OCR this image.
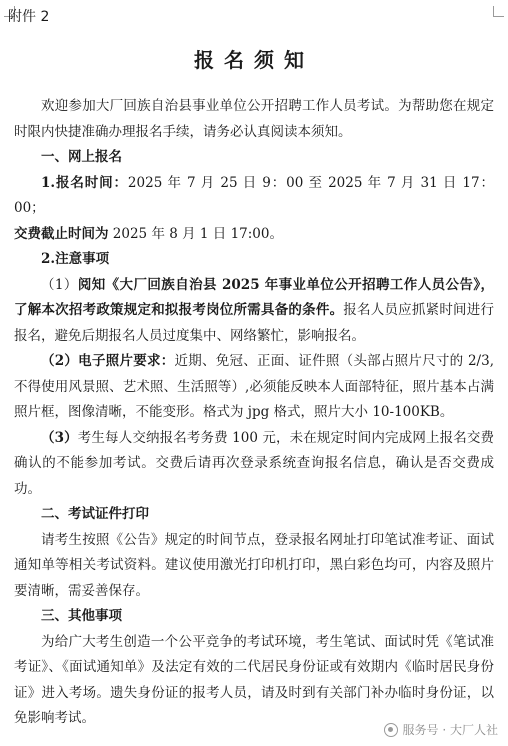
附件 2
报名须知

欢迎参加大厂回族自治县事业单位公开招聘工作人员考试。为帮助您在规定时限内快捷准确办理报名手续，请务必认真阅读本须知。

一、网上报名

1.报名时间：2025 年 7 月 25 日 9：00 至 2025 年 7 月 31 日 17：00；

交费截止时间为 2025 年 8 月 1 日 17:00。

2.注意事项

（1）阅知《大厂回族自治县 2025 年事业单位公开招聘工作人员公告》，了解本次招考政策规定和拟报考岗位所需具备的条件。报名人员应抓紧时间进行报名，避免后期报名人员过度集中、网络繁忙，影响报名。

（2）电子照片要求：近期、免冠、正面、证件照（头部占照片尺寸的 2/3,不得使用风景照、艺术照、生活照等）,必须能反映本人面部特征，照片基本占满照片框，图像清晰，不能变形。格式为 jpg 格式，照片大小 10-100KB。

（3）考生每人交纳报名考务费 100 元，未在规定时间内完成网上报名交费确认的不能参加考试。交费后请再次登录系统查询报名信息，确认是否交费成功。

二、考试证件打印

请考生按照《公告》规定的时间节点，登录报名网址打印笔试准考证、面试通知单等相关考试资料。建议使用激光打印机打印，黑白彩色均可，内容及照片要清晰，需妥善保存。

三、其他事项

为给广大考生创造一个公平竞争的考试环境，考生笔试、面试时凭《笔试准考证》、《面试通知单》及法定有效的二代居民身份证或有效期内《临时居民身份证》进入考场。遗失身份证的报考人员，请及时到有关部门补办临时身份证，以免影响考试。

服务号 · 大厂人社
